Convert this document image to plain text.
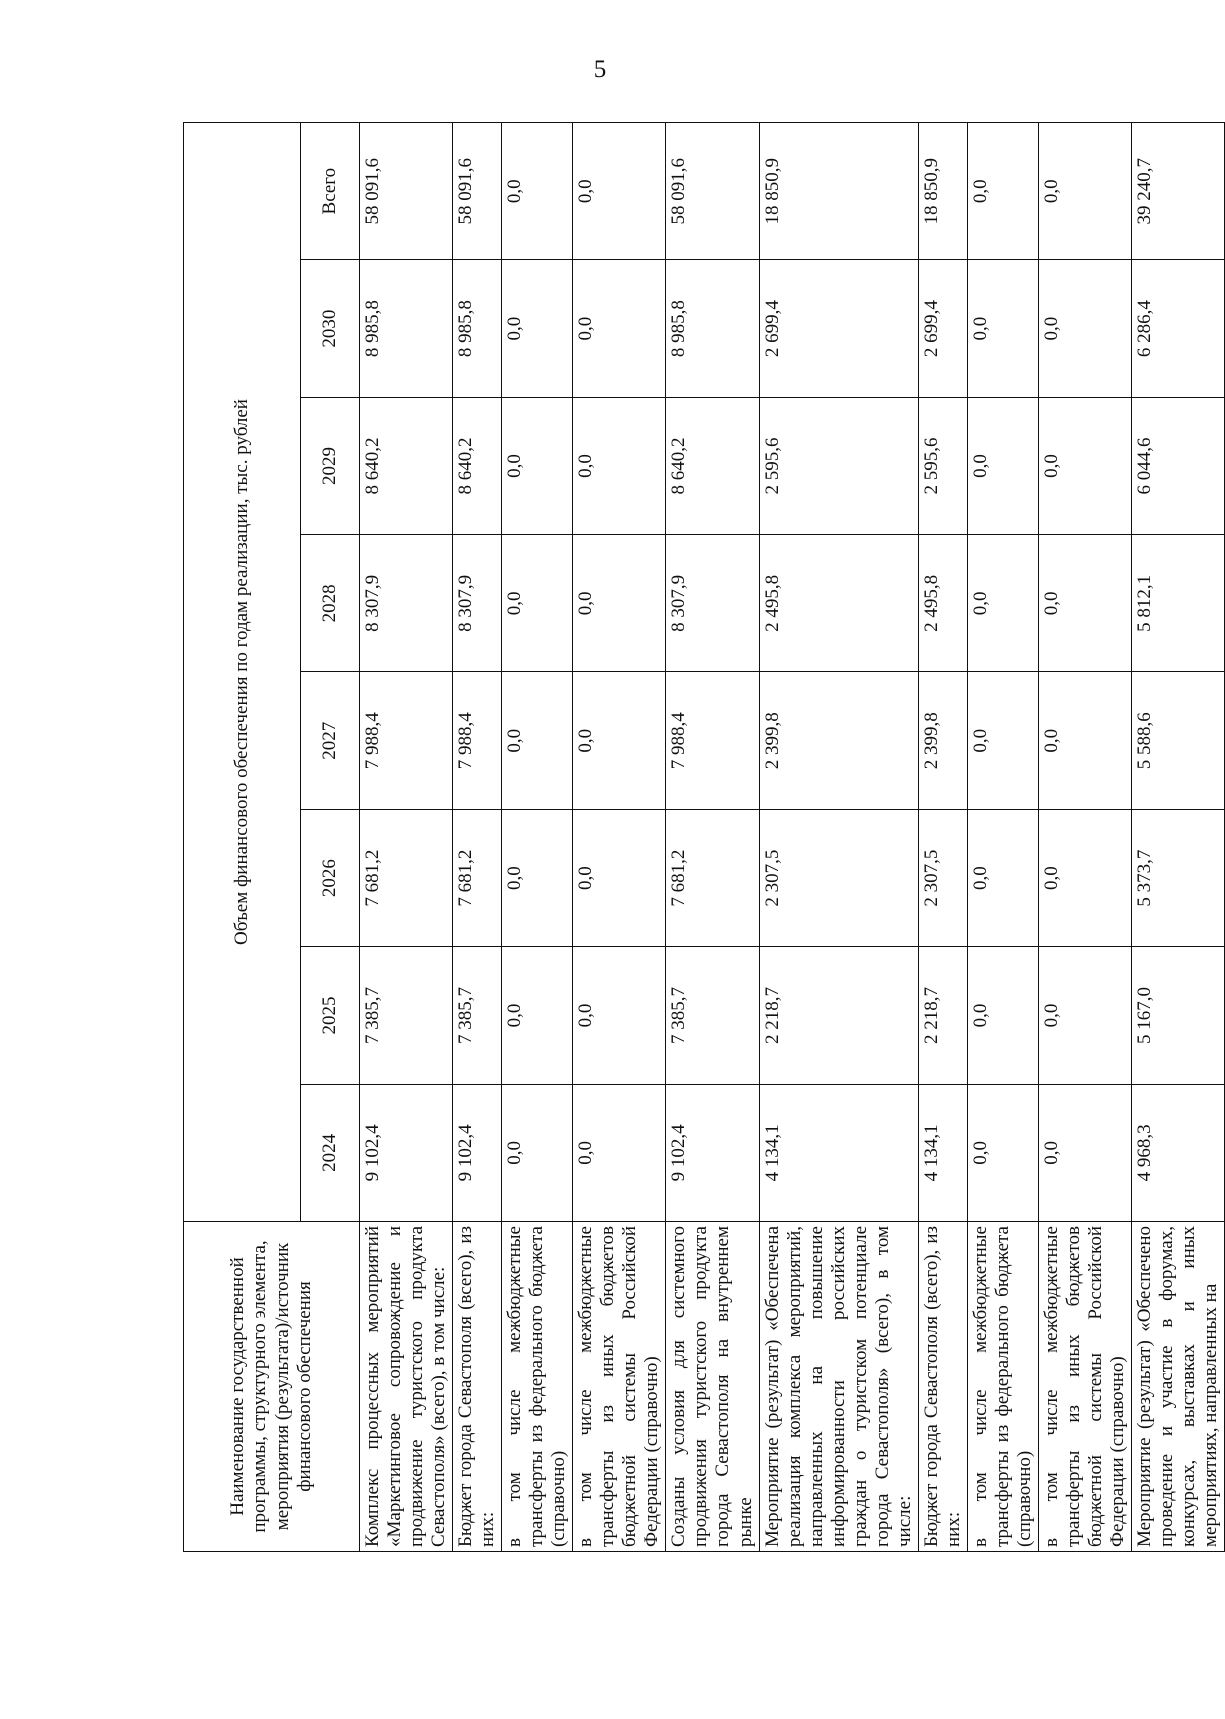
5
Наименование государственной программы, структурного элемента, мероприятия (результата)/источник финансового обеспечения	Объем финансового обеспечения по годам реализации, тыс. рублей							
	2024	2025	2026	2027	2028	2029	2030	Всего
Комплекс процессных мероприятий «Маркетинговое сопровождение и продвижение туристского продукта Севастополя» (всего), в том числе:	9 102,4	7 385,7	7 681,2	7 988,4	8 307,9	8 640,2	8 985,8	58 091,6
Бюджет города Севастополя (всего), из них:	9 102,4	7 385,7	7 681,2	7 988,4	8 307,9	8 640,2	8 985,8	58 091,6
в том числе межбюджетные трансферты из федерального бюджета (справочно)	0,0	0,0	0,0	0,0	0,0	0,0	0,0	0,0
в том числе межбюджетные трансферты из иных бюджетов бюджетной системы Российской Федерации (справочно)	0,0	0,0	0,0	0,0	0,0	0,0	0,0	0,0
Созданы условия для системного продвижения туристского продукта города Севастополя на внутреннем рынке	9 102,4	7 385,7	7 681,2	7 988,4	8 307,9	8 640,2	8 985,8	58 091,6
Мероприятие (результат) «Обеспечена реализация комплекса мероприятий, направленных на повышение информированности российских граждан о туристском потенциале города Севастополя» (всего), в том числе:	4 134,1	2 218,7	2 307,5	2 399,8	2 495,8	2 595,6	2 699,4	18 850,9
Бюджет города Севастополя (всего), из них:	4 134,1	2 218,7	2 307,5	2 399,8	2 495,8	2 595,6	2 699,4	18 850,9
в том числе межбюджетные трансферты из федерального бюджета (справочно)	0,0	0,0	0,0	0,0	0,0	0,0	0,0	0,0
в том числе межбюджетные трансферты из иных бюджетов бюджетной системы Российской Федерации (справочно)	0,0	0,0	0,0	0,0	0,0	0,0	0,0	0,0
Мероприятие (результат) «Обеспечено проведение и участие в форумах, конкурсах, выставках и иных мероприятиях, направленных на	4 968,3	5 167,0	5 373,7	5 588,6	5 812,1	6 044,6	6 286,4	39 240,7
